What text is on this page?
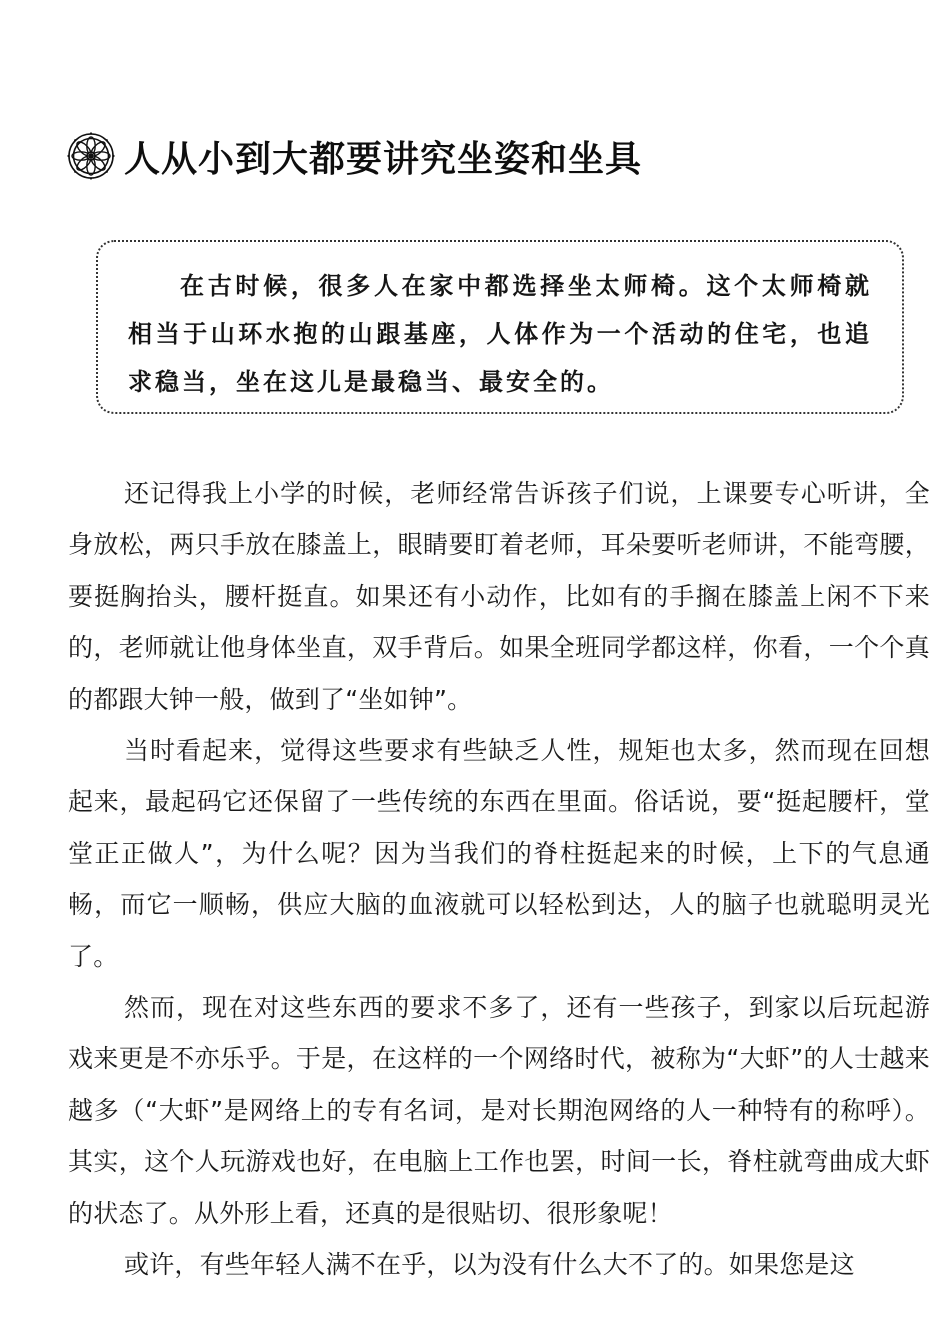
人从小到大都要讲究坐姿和坐具

在古时候，很多人在家中都选择坐太师椅。这个太师椅就相当于山环水抱的山跟基座，人体作为一个活动的住宅，也追求稳当，坐在这儿是最稳当、最安全的。

还记得我上小学的时候，老师经常告诉孩子们说，上课要专心听讲，全身放松，两只手放在膝盖上，眼睛要盯着老师，耳朵要听老师讲，不能弯腰，要挺胸抬头，腰杆挺直。如果还有小动作，比如有的手搁在膝盖上闲不下来的，老师就让他身体坐直，双手背后。如果全班同学都这样，你看，一个个真的都跟大钟一般，做到了“坐如钟”。

当时看起来，觉得这些要求有些缺乏人性，规矩也太多，然而现在回想起来，最起码它还保留了一些传统的东西在里面。俗话说，要“挺起腰杆，堂堂正正做人”，为什么呢？因为当我们的脊柱挺起来的时候，上下的气息通畅，而它一顺畅，供应大脑的血液就可以轻松到达，人的脑子也就聪明灵光了。

然而，现在对这些东西的要求不多了，还有一些孩子，到家以后玩起游戏来更是不亦乐乎。于是，在这样的一个网络时代，被称为“大虾”的人士越来越多（“大虾”是网络上的专有名词，是对长期泡网络的人一种特有的称呼）。其实，这个人玩游戏也好，在电脑上工作也罢，时间一长，脊柱就弯曲成大虾的状态了。从外形上看，还真的是很贴切、很形象呢！

或许，有些年轻人满不在乎，以为没有什么大不了的。如果您是这
